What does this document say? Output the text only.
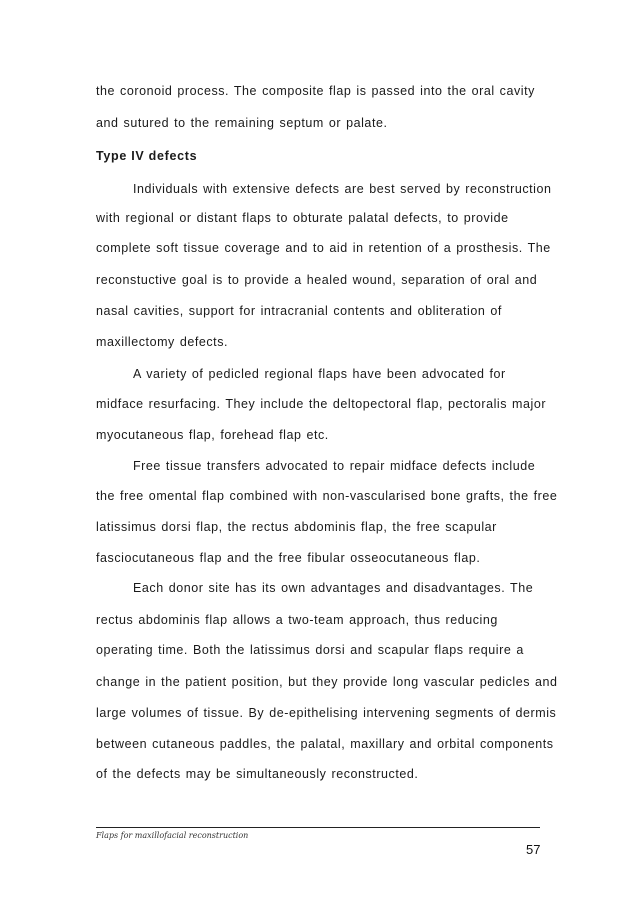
the coronoid process. The composite flap is passed into the oral cavity
and sutured to the remaining septum or palate.
Type IV defects
Individuals with extensive defects are best served by reconstruction
with regional or distant flaps to obturate palatal defects, to provide
complete soft tissue coverage and to aid in retention of a prosthesis. The
reconstuctive goal is to provide a healed wound, separation of oral and
nasal cavities, support for intracranial contents and obliteration of
maxillectomy defects.
A variety of pedicled regional flaps have been advocated for
midface resurfacing. They include the deltopectoral flap, pectoralis major
myocutaneous flap, forehead flap etc.
Free tissue transfers advocated to repair midface defects include
the free omental flap combined with non-vascularised bone grafts, the free
latissimus dorsi flap, the rectus abdominis flap, the free scapular
fasciocutaneous flap and the free fibular osseocutaneous flap.
Each donor site has its own advantages and disadvantages. The
rectus abdominis flap allows a two-team approach, thus reducing
operating time. Both the latissimus dorsi and scapular flaps require a
change in the patient position, but they provide long vascular pedicles and
large volumes of tissue. By de-epithelising intervening segments of dermis
between cutaneous paddles, the palatal, maxillary and orbital components
of the defects may be simultaneously reconstructed.
Flaps for maxillofacial reconstruction
57
